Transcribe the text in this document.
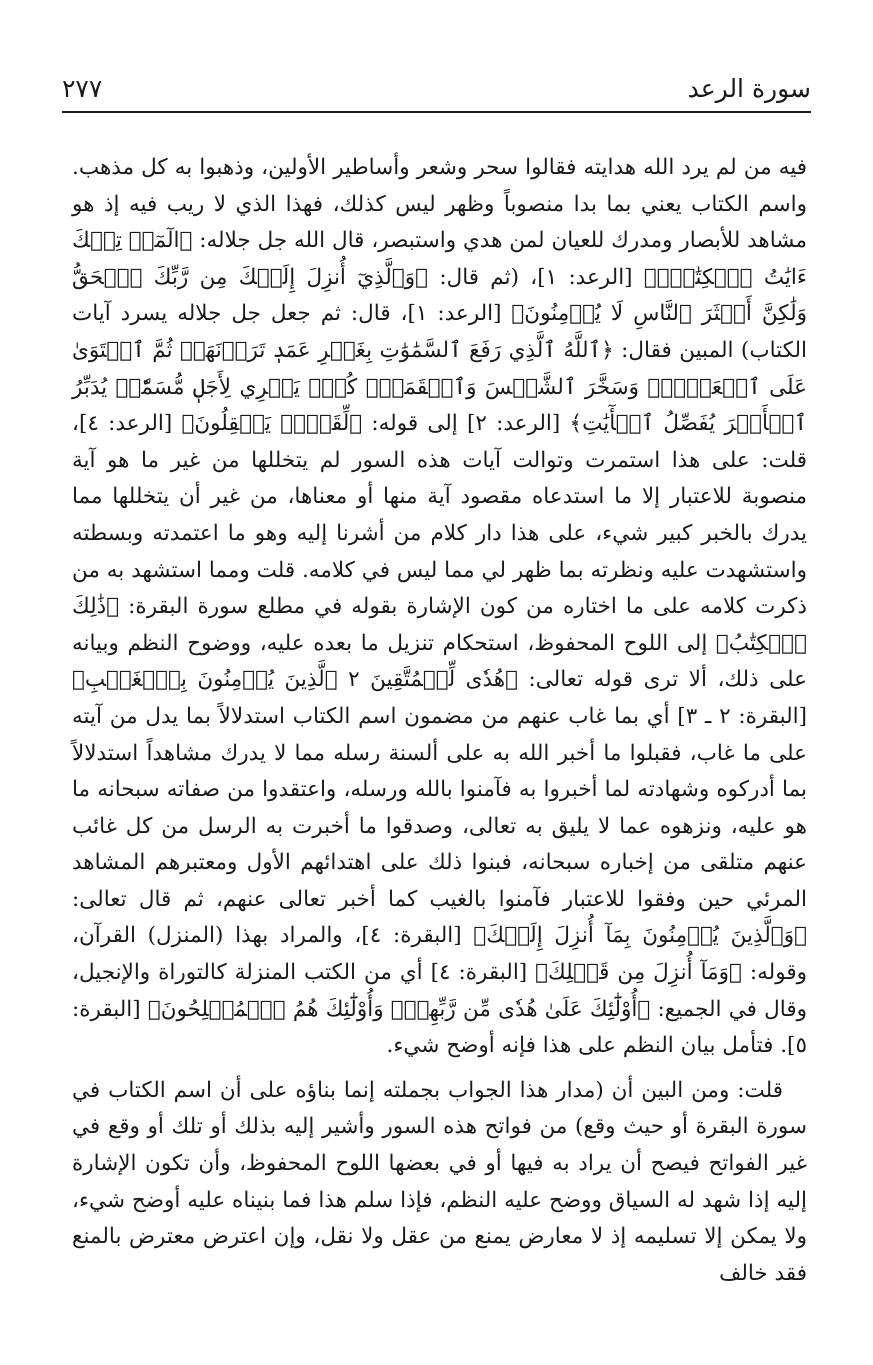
سورة الرعد
٢٧٧

فيه من لم يرد الله هدايته فقالوا سحر وشعر وأساطير الأولين، وذهبوا به كل مذهب. واسم الكتاب يعني بما بدا منصوباً وظهر ليس كذلك، فهذا الذي لا ريب فيه إذ هو مشاهد للأبصار ومدرك للعيان لمن هدي واستبصر، قال الله جل جلاله: ﴿الٓمٓرۚ تِلۡكَ ءَايَٰتُ ٱلۡكِتَٰبِۗ﴾ [الرعد: ١]، (ثم قال: ﴿وَٱلَّذِيٓ أُنزِلَ إِلَيۡكَ مِن رَّبِّكَ ٱلۡحَقُّ وَلَٰكِنَّ أَكۡثَرَ ٱلنَّاسِ لَا يُؤۡمِنُونَ﴾ [الرعد: ١]، قال: ثم جعل جل جلاله يسرد آيات الكتاب) المبين فقال: ﴿ٱللَّهُ ٱلَّذِي رَفَعَ ٱلسَّمَٰوَٰتِ بِغَيۡرِ عَمَدٖ تَرَوۡنَهَاۖ ثُمَّ ٱسۡتَوَىٰ عَلَى ٱلۡعَرۡشِۖ وَسَخَّرَ ٱلشَّمۡسَ وَٱلۡقَمَرَۖ كُلّٞ يَجۡرِي لِأَجَلٖ مُّسَمّٗىۚ يُدَبِّرُ ٱلۡأَمۡرَ يُفَصِّلُ ٱلۡأٓيَٰتِ﴾ [الرعد: ٢] إلى قوله: ﴿لِّقَوۡمٖ يَعۡقِلُونَ﴾ [الرعد: ٤]، قلت: على هذا استمرت وتوالت آيات هذه السور لم يتخللها من غير ما هو آية منصوبة للاعتبار إلا ما استدعاه مقصود آية منها أو معناها، من غير أن يتخللها مما يدرك بالخبر كبير شيء، على هذا دار كلام من أشرنا إليه وهو ما اعتمدته وبسطته واستشهدت عليه ونظرته بما ظهر لي مما ليس في كلامه. قلت ومما استشهد به من ذكرت كلامه على ما اختاره من كون الإشارة بقوله في مطلع سورة البقرة: ﴿ذَٰلِكَ ٱلۡكِتَٰبُ﴾ إلى اللوح المحفوظ، استحكام تنزيل ما بعده عليه، ووضوح النظم وبيانه على ذلك، ألا ترى قوله تعالى: ﴿هُدٗى لِّلۡمُتَّقِينَ ٢ ٱلَّذِينَ يُؤۡمِنُونَ بِٱلۡغَيۡبِ﴾ [البقرة: ٢ ـ ٣] أي بما غاب عنهم من مضمون اسم الكتاب استدلالاً بما يدل من آيته على ما غاب، فقبلوا ما أخبر الله به على ألسنة رسله مما لا يدرك مشاهداً استدلالاً بما أدركوه وشهادته لما أخبروا به فآمنوا بالله ورسله، واعتقدوا من صفاته سبحانه ما هو عليه، ونزهوه عما لا يليق به تعالى، وصدقوا ما أخبرت به الرسل من كل غائب عنهم متلقى من إخباره سبحانه، فبنوا ذلك على اهتدائهم الأول ومعتبرهم المشاهد المرئي حين وفقوا للاعتبار فآمنوا بالغيب كما أخبر تعالى عنهم، ثم قال تعالى: ﴿وَٱلَّذِينَ يُؤۡمِنُونَ بِمَآ أُنزِلَ إِلَيۡكَ﴾ [البقرة: ٤]، والمراد بهذا (المنزل) القرآن، وقوله: ﴿وَمَآ أُنزِلَ مِن قَبۡلِكَ﴾ [البقرة: ٤] أي من الكتب المنزلة كالتوراة والإنجيل، وقال في الجميع: ﴿أُوْلَٰٓئِكَ عَلَىٰ هُدٗى مِّن رَّبِّهِمۡۖ وَأُوْلَٰٓئِكَ هُمُ ٱلۡمُفۡلِحُونَ﴾ [البقرة: ٥]. فتأمل بيان النظم على هذا فإنه أوضح شيء.

قلت: ومن البين أن (مدار هذا الجواب بجملته إنما بناؤه على أن اسم الكتاب في سورة البقرة أو حيث وقع) من فواتح هذه السور وأشير إليه بذلك أو تلك أو وقع في غير الفواتح فيصح أن يراد به فيها أو في بعضها اللوح المحفوظ، وأن تكون الإشارة إليه إذا شهد له السياق ووضح عليه النظم، فإذا سلم هذا فما بنيناه عليه أوضح شيء، ولا يمكن إلا تسليمه إذ لا معارض يمنع من عقل ولا نقل، وإن اعترض معترض بالمنع فقد خالف
